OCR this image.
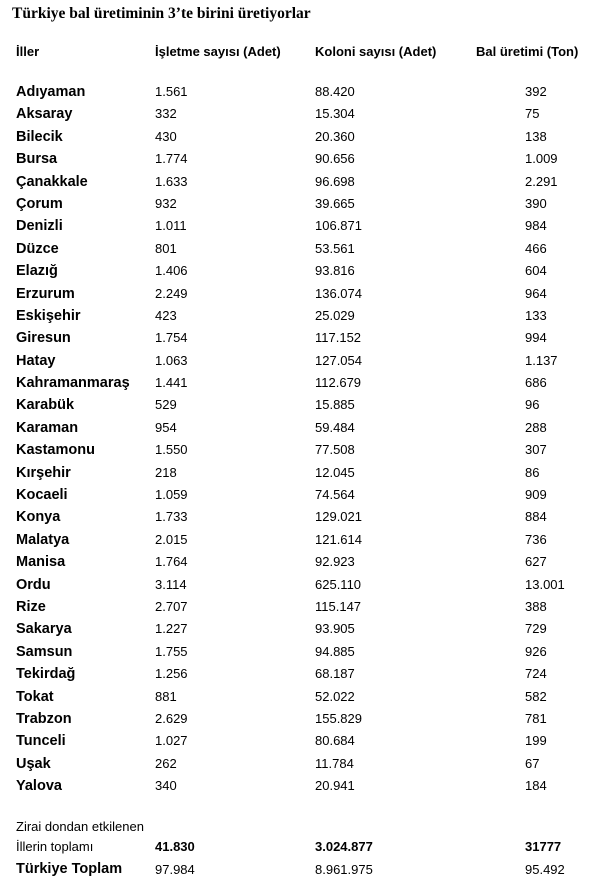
Türkiye bal üretiminin 3’te birini üretiyorlar
İller	İşletme sayısı (Adet)	Koloni sayısı (Adet)	Bal üretimi (Ton)
Adıyaman	1.561	88.420	392
Aksaray	332	15.304	75
Bilecik	430	20.360	138
Bursa	1.774	90.656	1.009
Çanakkale	1.633	96.698	2.291
Çorum	932	39.665	390
Denizli	1.011	106.871	984
Düzce	801	53.561	466
Elazığ	1.406	93.816	604
Erzurum	2.249	136.074	964
Eskişehir	423	25.029	133
Giresun	1.754	117.152	994
Hatay	1.063	127.054	1.137
Kahramanmaraş 1.441	112.679	686
Karabük	529	15.885	96
Karaman	954	59.484	288
Kastamonu	1.550	77.508	307
Kırşehir	218	12.045	86
Kocaeli	1.059	74.564	909
Konya	1.733	129.021	884
Malatya	2.015	121.614	736
Manisa	1.764	92.923	627
Ordu	3.114	625.110	13.001
Rize	2.707	115.147	388
Sakarya	1.227	93.905	729
Samsun	1.755	94.885	926
Tekirdağ	1.256	68.187	724
Tokat	881	52.022	582
Trabzon	2.629	155.829	781
Tunceli	1.027	80.684	199
Uşak	262	11.784	67
Yalova	340	20.941	184
Zirai dondan etkilenen
İllerin toplamı	41.830	3.024.877	31777
Türkiye Toplam	97.984	8.961.975	95.492
